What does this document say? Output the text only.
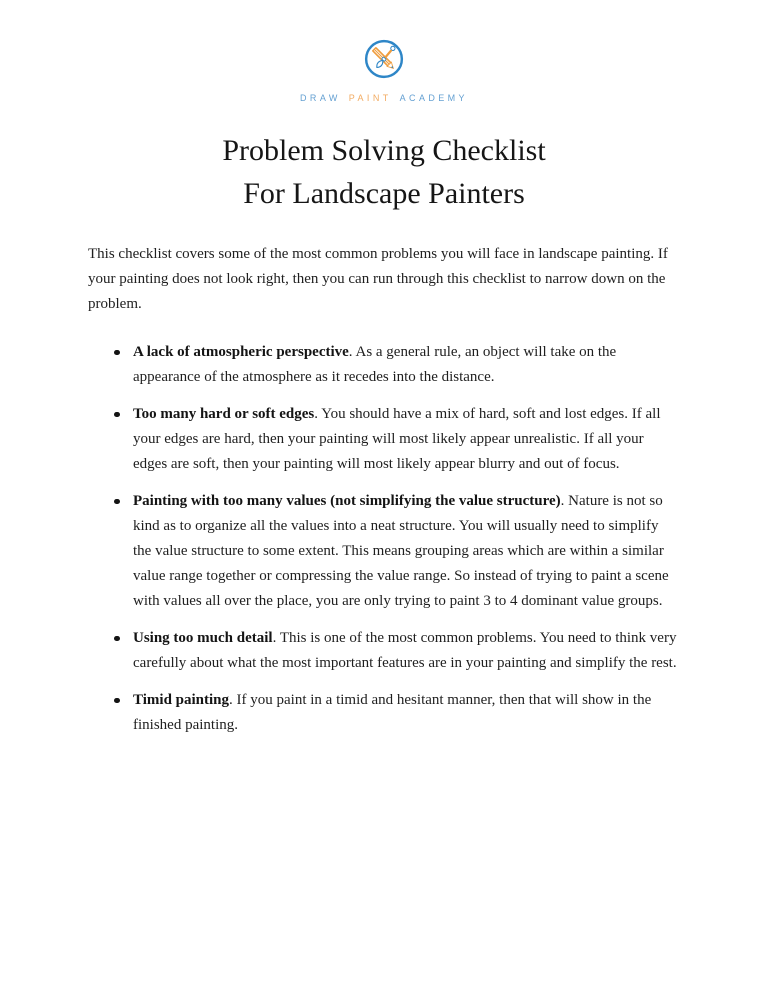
DRAW PAINT ACADEMY
Problem Solving Checklist
For Landscape Painters

This checklist covers some of the most common problems you will face in landscape painting. If your painting does not look right, then you can run through this checklist to narrow down on the problem.

A lack of atmospheric perspective. As a general rule, an object will take on the appearance of the atmosphere as it recedes into the distance.
Too many hard or soft edges. You should have a mix of hard, soft and lost edges. If all your edges are hard, then your painting will most likely appear unrealistic. If all your edges are soft, then your painting will most likely appear blurry and out of focus.
Painting with too many values (not simplifying the value structure). Nature is not so kind as to organize all the values into a neat structure. You will usually need to simplify the value structure to some extent. This means grouping areas which are within a similar value range together or compressing the value range. So instead of trying to paint a scene with values all over the place, you are only trying to paint 3 to 4 dominant value groups.
Using too much detail. This is one of the most common problems. You need to think very carefully about what the most important features are in your painting and simplify the rest.
Timid painting. If you paint in a timid and hesitant manner, then that will show in the finished painting.
